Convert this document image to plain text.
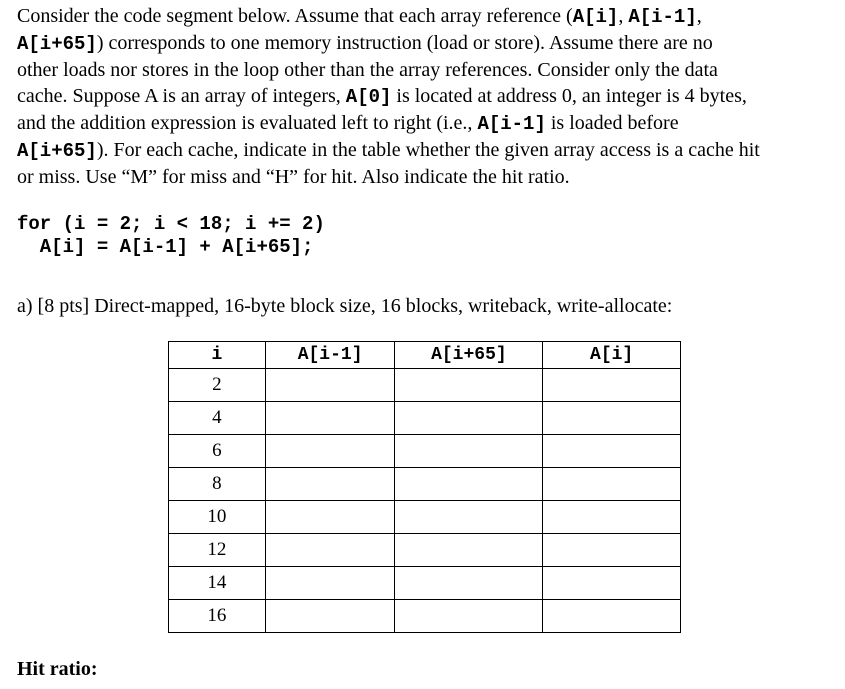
Consider the code segment below. Assume that each array reference (A[i], A[i-1],
A[i+65]) corresponds to one memory instruction (load or store). Assume there are no
other loads nor stores in the loop other than the array references. Consider only the data
cache. Suppose A is an array of integers, A[0] is located at address 0, an integer is 4 bytes,
and the addition expression is evaluated left to right (i.e., A[i-1] is loaded before
A[i+65]). For each cache, indicate in the table whether the given array access is a cache hit
or miss. Use “M” for miss and “H” for hit. Also indicate the hit ratio.
for (i = 2; i < 18; i += 2)
A[i] = A[i-1] + A[i+65];

a) [8 pts] Direct-mapped, 16-byte block size, 16 blocks, writeback, write-allocate:

i	A[i-1]	A[i+65]	A[i]
2			
4			
6			
8			
10			
12			
14			
16			

Hit ratio:
